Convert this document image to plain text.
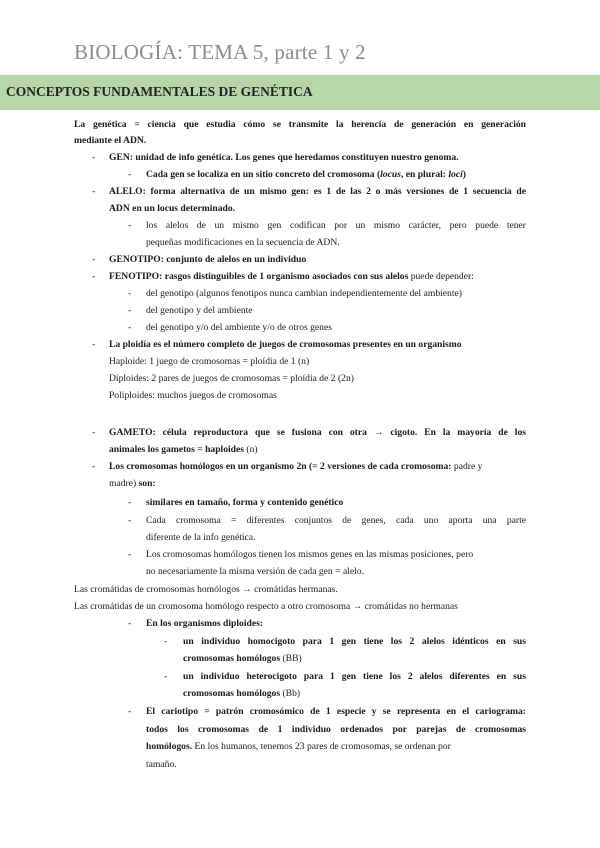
BIOLOGÍA: TEMA 5, parte 1 y 2
CONCEPTOS FUNDAMENTALES DE GENÉTICA
La genética = ciencia que estudia cómo se transmite la herencia de generación en generación
mediante el ADN.
- GEN: unidad de info genética. Los genes que heredamos constituyen nuestro genoma.
- Cada gen se localiza en un sitio concreto del cromosoma (locus, en plural: loci)
- ALELO: forma alternativa de un mismo gen: es 1 de las 2 o más versiones de 1 secuencia de
ADN en un locus determinado.
- los alelos de un mismo gen codifican por un mismo carácter, pero puede tener
pequeñas modificaciones en la secuencia de ADN.
- GENOTIPO: conjunto de alelos en un individuo
- FENOTIPO: rasgos distinguibles de 1 organismo asociados con sus alelos puede depender:
- del genotipo (algunos fenotipos nunca cambian independientemente del ambiente)
- del genotipo y del ambiente
- del genotipo y/o del ambiente y/o de otros genes
- La ploidía es el número completo de juegos de cromosomas presentes en un organismo
Haploide: 1 juego de cromosomas = ploídia de 1 (n)
Diploides: 2 pares de juegos de cromosomas = ploídia de 2 (2n)
Poliploides: muchos juegos de cromosomas
- GAMETO: célula reproductora que se fusiona con otra → cigoto. En la mayoría de los
animales los gametos = haploides (n)
- Los cromosomas homólogos en un organismo 2n (= 2 versiones de cada cromosoma: padre y
madre) son:
- similares en tamaño, forma y contenido genético
- Cada cromosoma = diferentes conjuntos de genes, cada uno aporta una parte
diferente de la info genética.
- Los cromosomas homólogos tienen los mismos genes en las mismas posiciones, pero
no necesariamente la misma versión de cada gen = alelo.
Las cromátidas de cromosomas homólogos → cromátidas hermanas.
Las cromátidas de un cromosoma homólogo respecto a otro cromosoma → cromátidas no hermanas
- En los organismos diploides:
- un individuo homocigoto para 1 gen tiene los 2 alelos idénticos en sus
cromosomas homólogos (BB)
- un individuo heterocigoto para 1 gen tiene los 2 alelos diferentes en sus
cromosomas homólogos (Bb)
- El cariotipo = patrón cromosómico de 1 especie y se representa en el cariograma:
todos los cromosomas de 1 individuo ordenados por parejas de cromosomas
homólogos. En los humanos, tenemos 23 pares de cromosomas, se ordenan por
tamaño.
